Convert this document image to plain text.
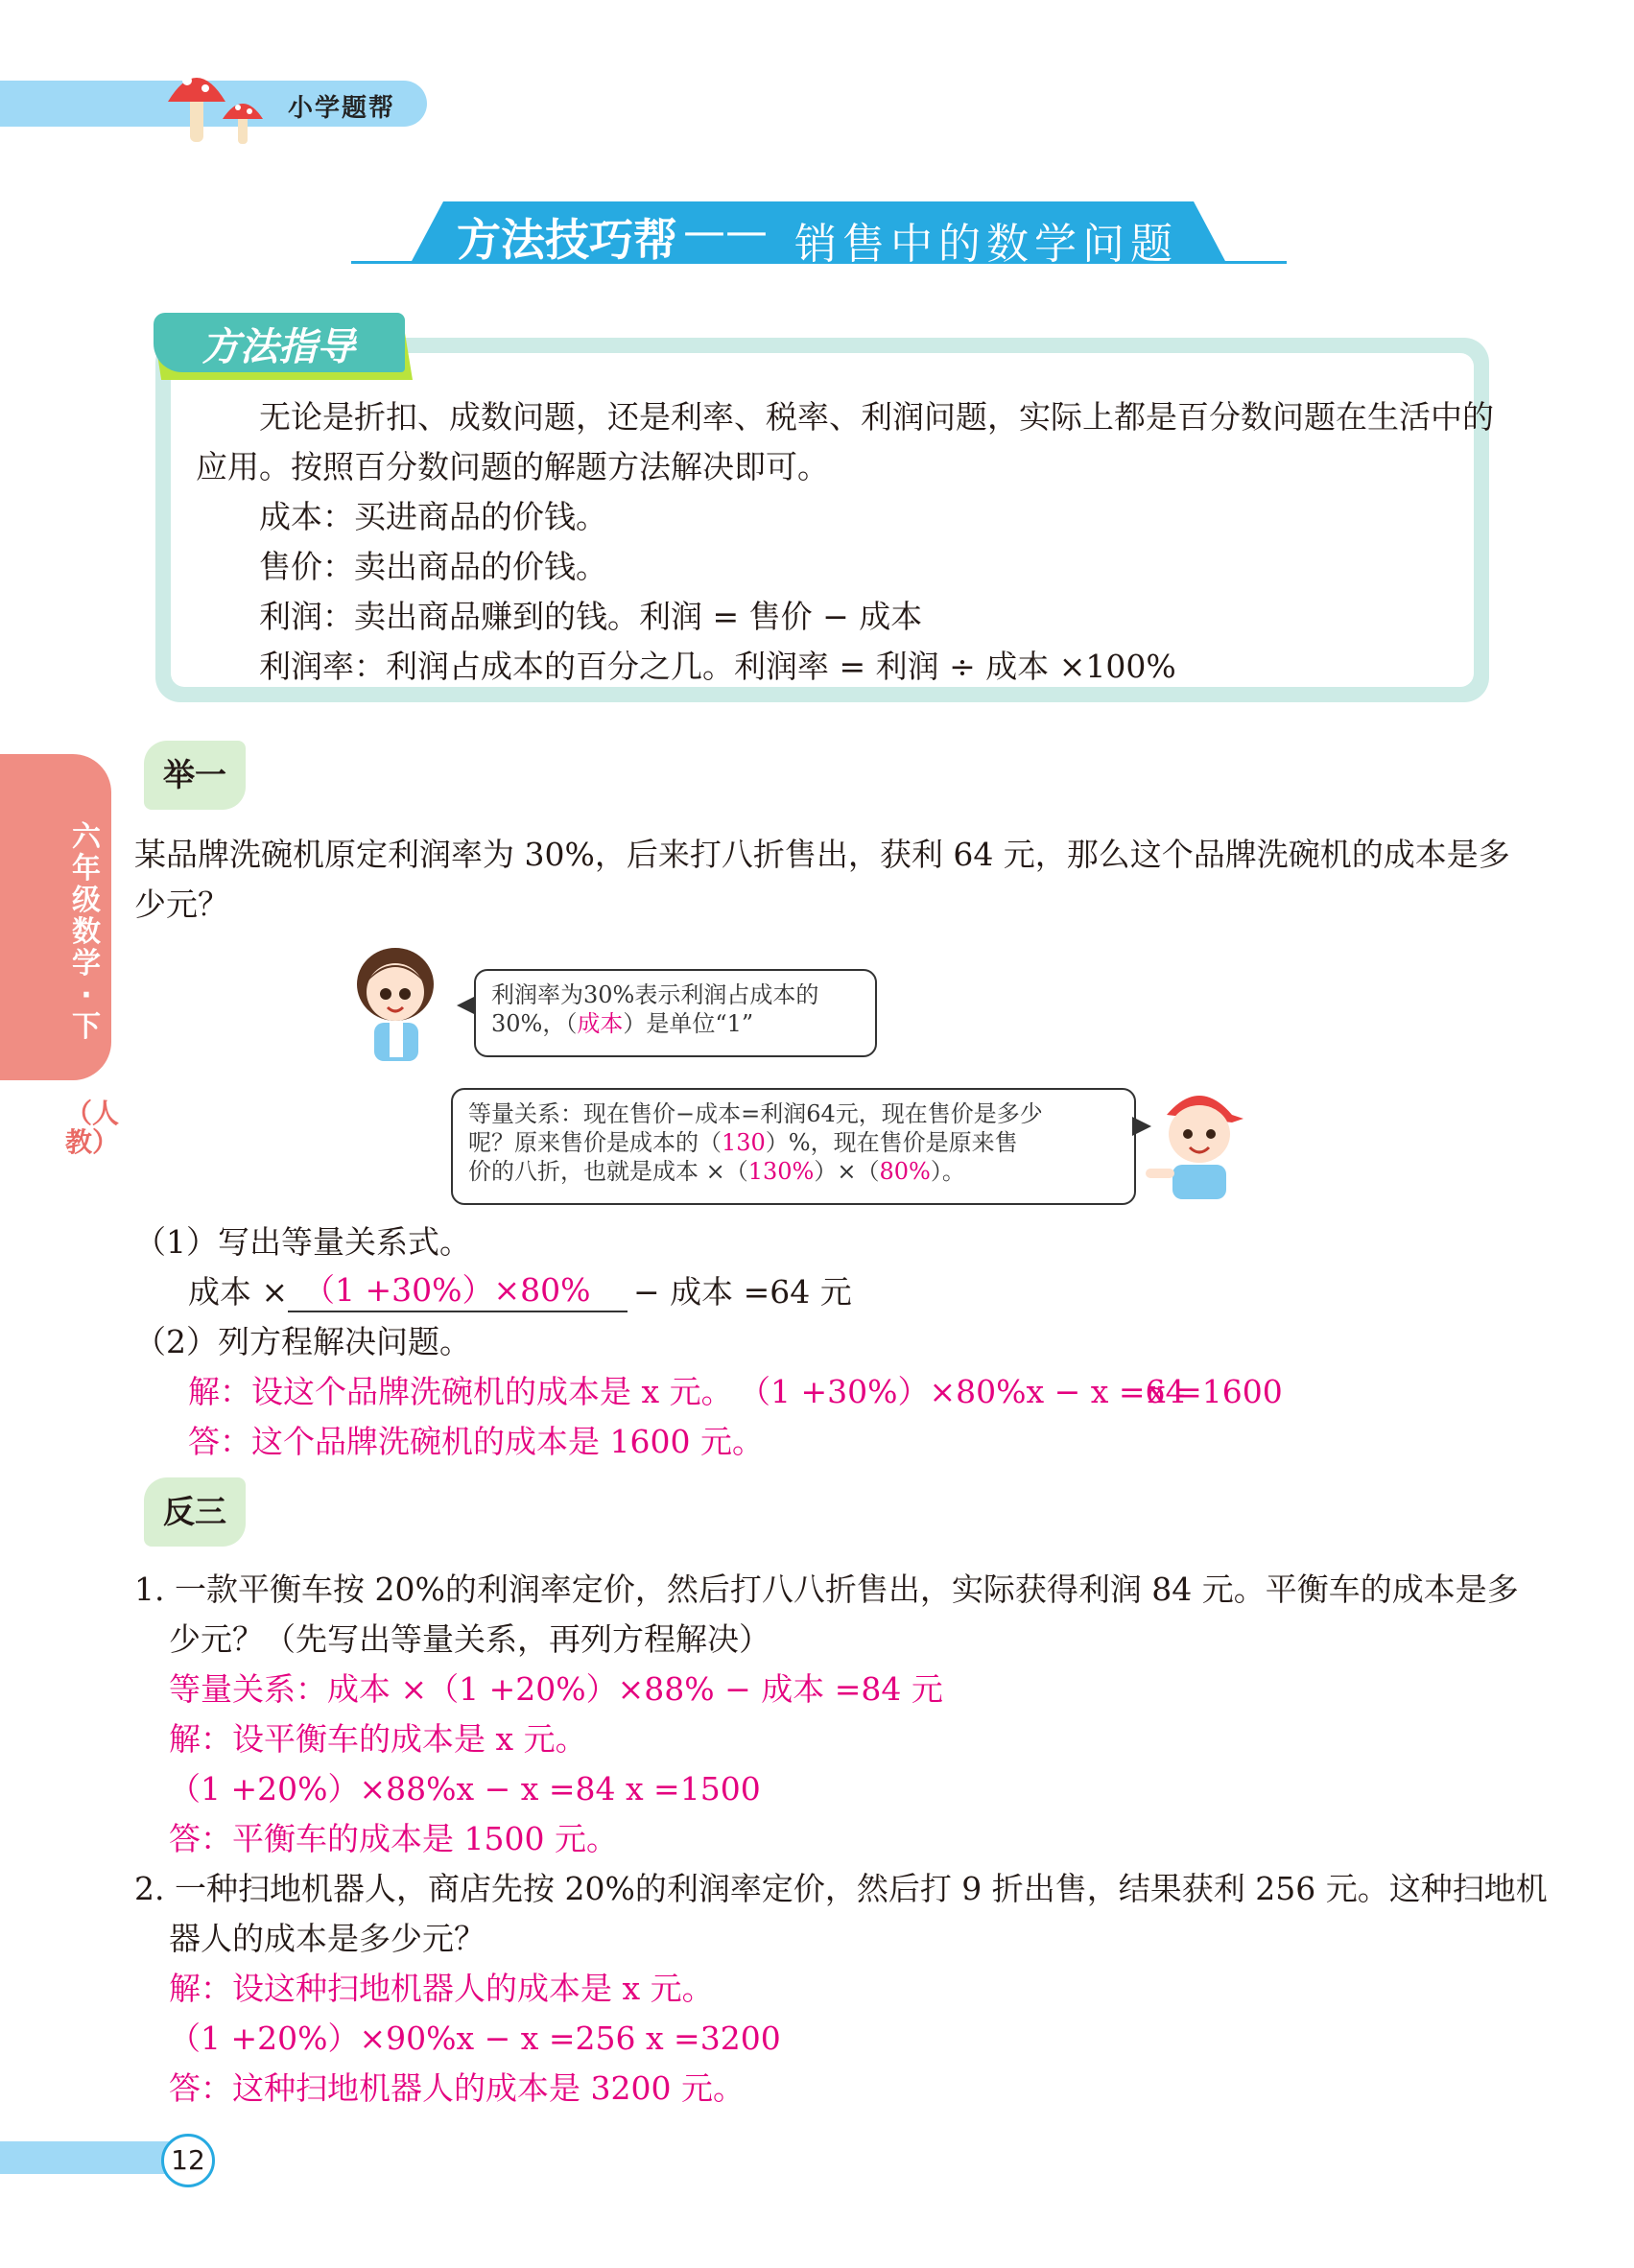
小学题帮
方法技巧帮 —— 销售中的数学问题
方法指导
无论是折扣、成数问题，还是利率、税率、利润问题，实际上都是百分数问题在生活中的
应用。按照百分数问题的解题方法解决即可。
成本：买进商品的价钱。
售价：卖出商品的价钱。
利润：卖出商品赚到的钱。利润 = 售价 − 成本
利润率：利润占成本的百分之几。利润率 = 利润 ÷ 成本 ×100%
六年级数学·下
（人教）
举一
某品牌洗碗机原定利润率为 30%，后来打八折售出，获利 64 元，那么这个品牌洗碗机的成本是多
少元？
利润率为30%表示利润占成本的
30%，（成本）是单位“1”
等量关系：现在售价−成本=利润64元，现在售价是多少
呢？原来售价是成本的（130）%，现在售价是原来售
价的八折，也就是成本 ×（130%）×（80%）。
（1）写出等量关系式。
成本 × （1 +30%）×80% − 成本 =64 元
（2）列方程解决问题。
解：设这个品牌洗碗机的成本是 x 元。 （1 +30%）×80%x − x =64
x =1600
答：这个品牌洗碗机的成本是 1600 元。
反三
1. 一款平衡车按 20%的利润率定价，然后打八八折售出，实际获得利润 84 元。平衡车的成本是多
少元？（先写出等量关系，再列方程解决）
等量关系：成本 ×（1 +20%）×88% − 成本 =84 元
解：设平衡车的成本是 x 元。
（1 +20%）×88%x − x =84 x =1500
答：平衡车的成本是 1500 元。
2. 一种扫地机器人，商店先按 20%的利润率定价，然后打 9 折出售，结果获利 256 元。这种扫地机
器人的成本是多少元？
解：设这种扫地机器人的成本是 x 元。
（1 +20%）×90%x − x =256 x =3200
答：这种扫地机器人的成本是 3200 元。
12
